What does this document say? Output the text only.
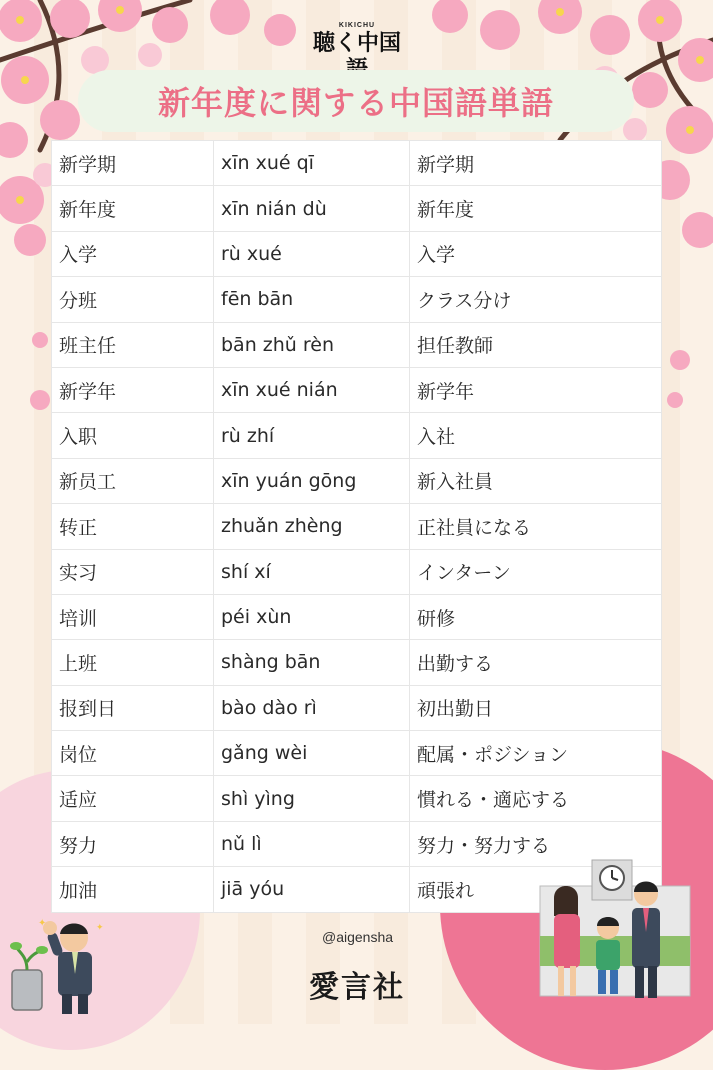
KIKICHU
聴く中国
新年度に関する中国語単語
新学期	xīn xué qī	新学期
新年度	xīn nián dù	新年度
入学	rù xué	入学
分班	fēn bān	クラス分け
班主任	bān zhǔ rèn	担任教師
新学年	xīn xué nián	新学年
入职	rù zhí	入社
新员工	xīn yuán gōng	新入社員
转正	zhuǎn zhèng	正社員になる
实习	shí xí	インターン
培训	péi xùn	研修
上班	shàng bān	出勤する
报到日	bào dào rì	初出勤日
岗位	gǎng wèi	配属・ポジション
适应	shì yìng	慣れる・適応する
努力	nǔ lì	努力・努力する
加油	jiā yóu	頑張れ
✦	✦
@aigensha
愛言社
